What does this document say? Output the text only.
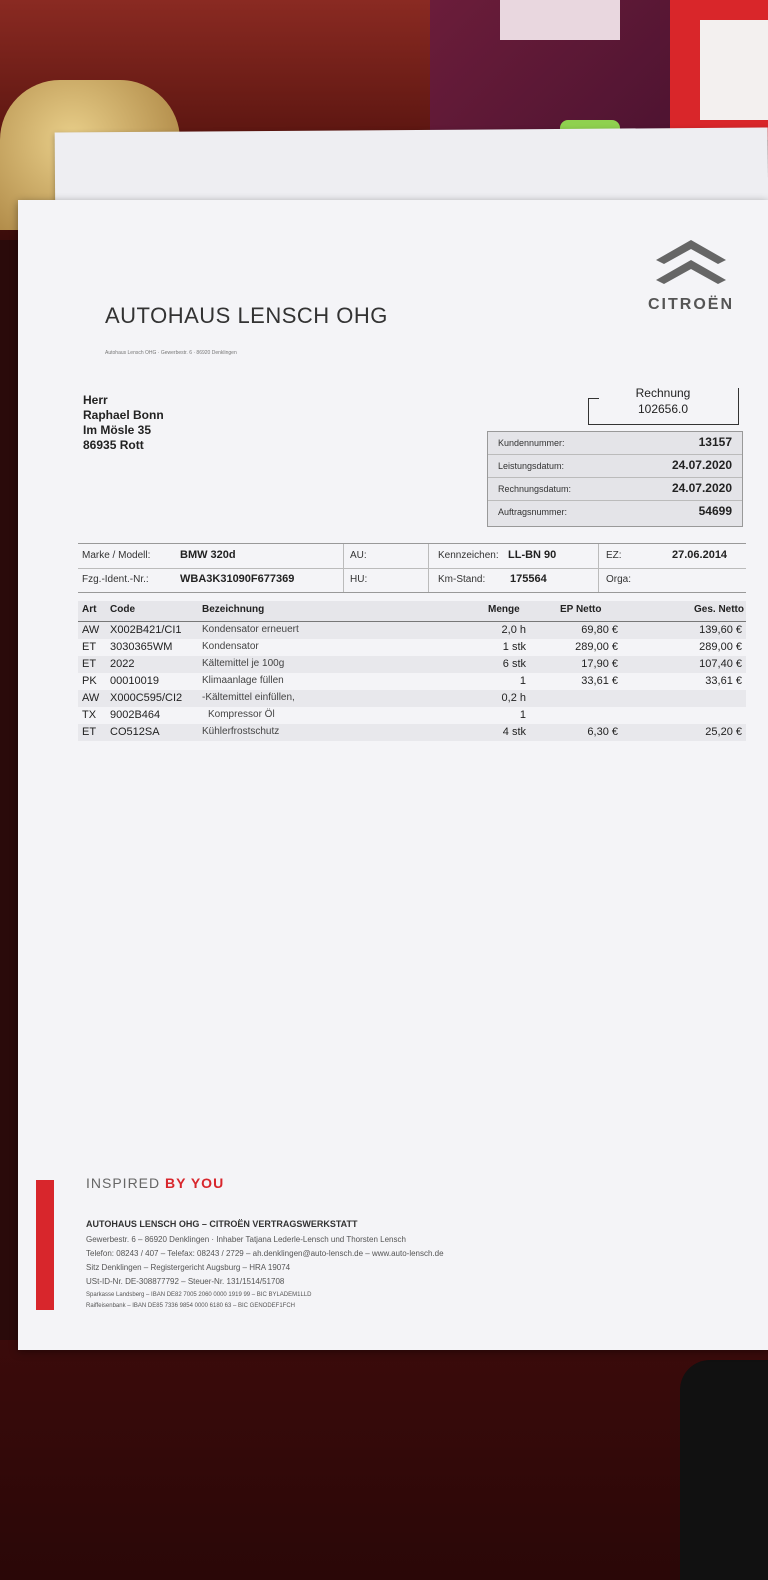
AUTOHAUS LENSCH OHG
Autohaus Lensch OHG · Gewerbestr. 6 · 86920 Denklingen
CITROËN
Herr
Raphael Bonn
Im Mösle 35
86935 Rott
Rechnung
102656.0
Kundennummer:	13157
Leistungsdatum:	24.07.2020
Rechnungsdatum:	24.07.2020
Auftragsnummer:	54699
Marke / Modell:	BMW 320d
Fzg.-Ident.-Nr.:	WBA3K31090F677369
AU:
HU:
Kennzeichen: LL-BN 90
Km-Stand: 175564
EZ:	27.06.2014
Orga:
Art Code	Bezeichnung	Menge	EP Netto	Ges. Netto
AW X002B421/CI1 Kondensator erneuert	2,0 h	69,80 €	139,60 €
ET 3030365WM	Kondensator	1 stk	289,00 €	289,00 €
ET 2022	Kältemittel je 100g	6 stk	17,90 €	107,40 €
PK 00010019	Klimaanlage füllen	1	33,61 €	33,61 €
AW X000C595/CI2 -Kältemittel einfüllen,	0,2 h
TX 9002B464	Kompressor Öl	1
ET CO512SA	Kühlerfrostschutz	4 stk	6,30 €	25,20 €
INSPIRED BY YOU
AUTOHAUS LENSCH OHG – CITROËN VERTRAGSWERKSTATT
Gewerbestr. 6 – 86920 Denklingen · Inhaber Tatjana Lederle-Lensch und Thorsten Lensch
Telefon: 08243 / 407 – Telefax: 08243 / 2729 – ah.denklingen@auto-lensch.de – www.auto-lensch.de
Sitz Denklingen – Registergericht Augsburg – HRA 19074
USt-ID-Nr. DE-308877792 – Steuer-Nr. 131/1514/51708
Sparkasse Landsberg – IBAN DE82 7005 2060 0000 1919 99 – BIC BYLADEM1LLD
Raiffeisenbank – IBAN DE85 7336 9854 0000 6180 63 – BIC GENODEF1FCH
